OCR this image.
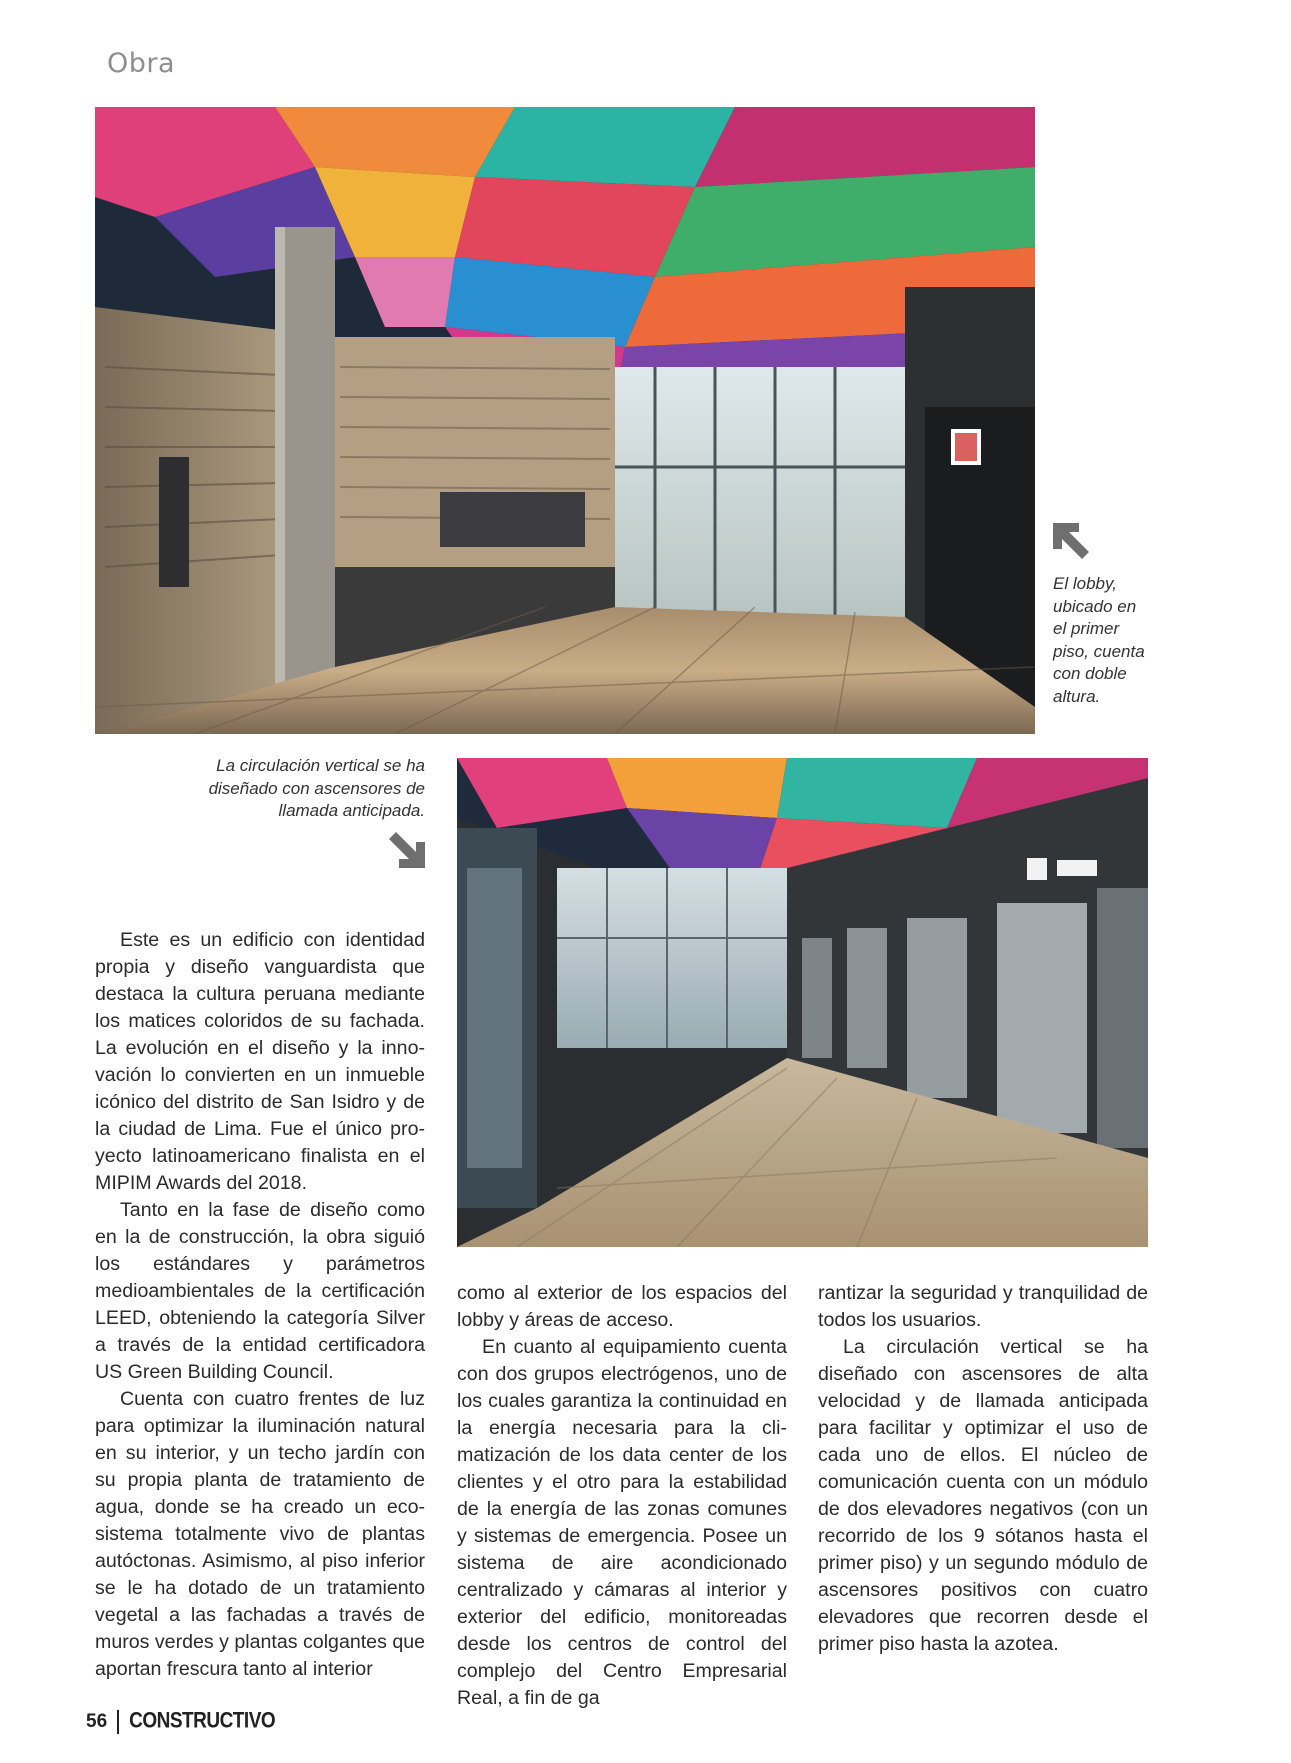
Obra
El lobby, ubicado en el primer piso, cuenta con doble altura.
La circulación vertical se ha diseñado con ascensores de llamada anticipada.

Este es un edificio con identidad propia y diseño vanguardista que destaca la cultura peruana mediante los matices coloridos de su fachada. La evolución en el diseño y la innovación lo convierten en un inmueble icónico del distrito de San Isidro y de la ciudad de Lima. Fue el único proyecto latinoamericano finalista en el MIPIM Awards del 2018.

Tanto en la fase de diseño como en la de construcción, la obra siguió los estándares y parámetros medioambientales de la certificación LEED, obteniendo la categoría Silver a través de la entidad certificadora US Green Building Council.

Cuenta con cuatro frentes de luz para optimizar la iluminación natural en su interior, y un techo jardín con su propia planta de tratamiento de agua, donde se ha creado un ecosistema totalmente vivo de plantas autóctonas. Asimismo, al piso inferior se le ha dotado de un tratamiento vegetal a las fachadas a través de muros verdes y plantas colgantes que aportan frescura tanto al interior

como al exterior de los espacios del lobby y áreas de acceso.

En cuanto al equipamiento cuenta con dos grupos electrógenos, uno de los cuales garantiza la continuidad en la energía necesaria para la climatización de los data center de los clientes y el otro para la estabilidad de la energía de las zonas comunes y sistemas de emergencia. Posee un sistema de aire acondicionado centralizado y cámaras al interior y exterior del edificio, monitoreadas desde los centros de control del complejo del Centro Empresarial Real, a fin de ga

rantizar la seguridad y tranquilidad de todos los usuarios.

La circulación vertical se ha diseñado con ascensores de alta velocidad y de llamada anticipada para facilitar y optimizar el uso de cada uno de ellos. El núcleo de comunicación cuenta con un módulo de dos elevadores negativos (con un recorrido de los 9 sótanos hasta el primer piso) y un segundo módulo de ascensores positivos con cuatro elevadores que recorren desde el primer piso hasta la azotea.

56 CONSTRUCTIVO
